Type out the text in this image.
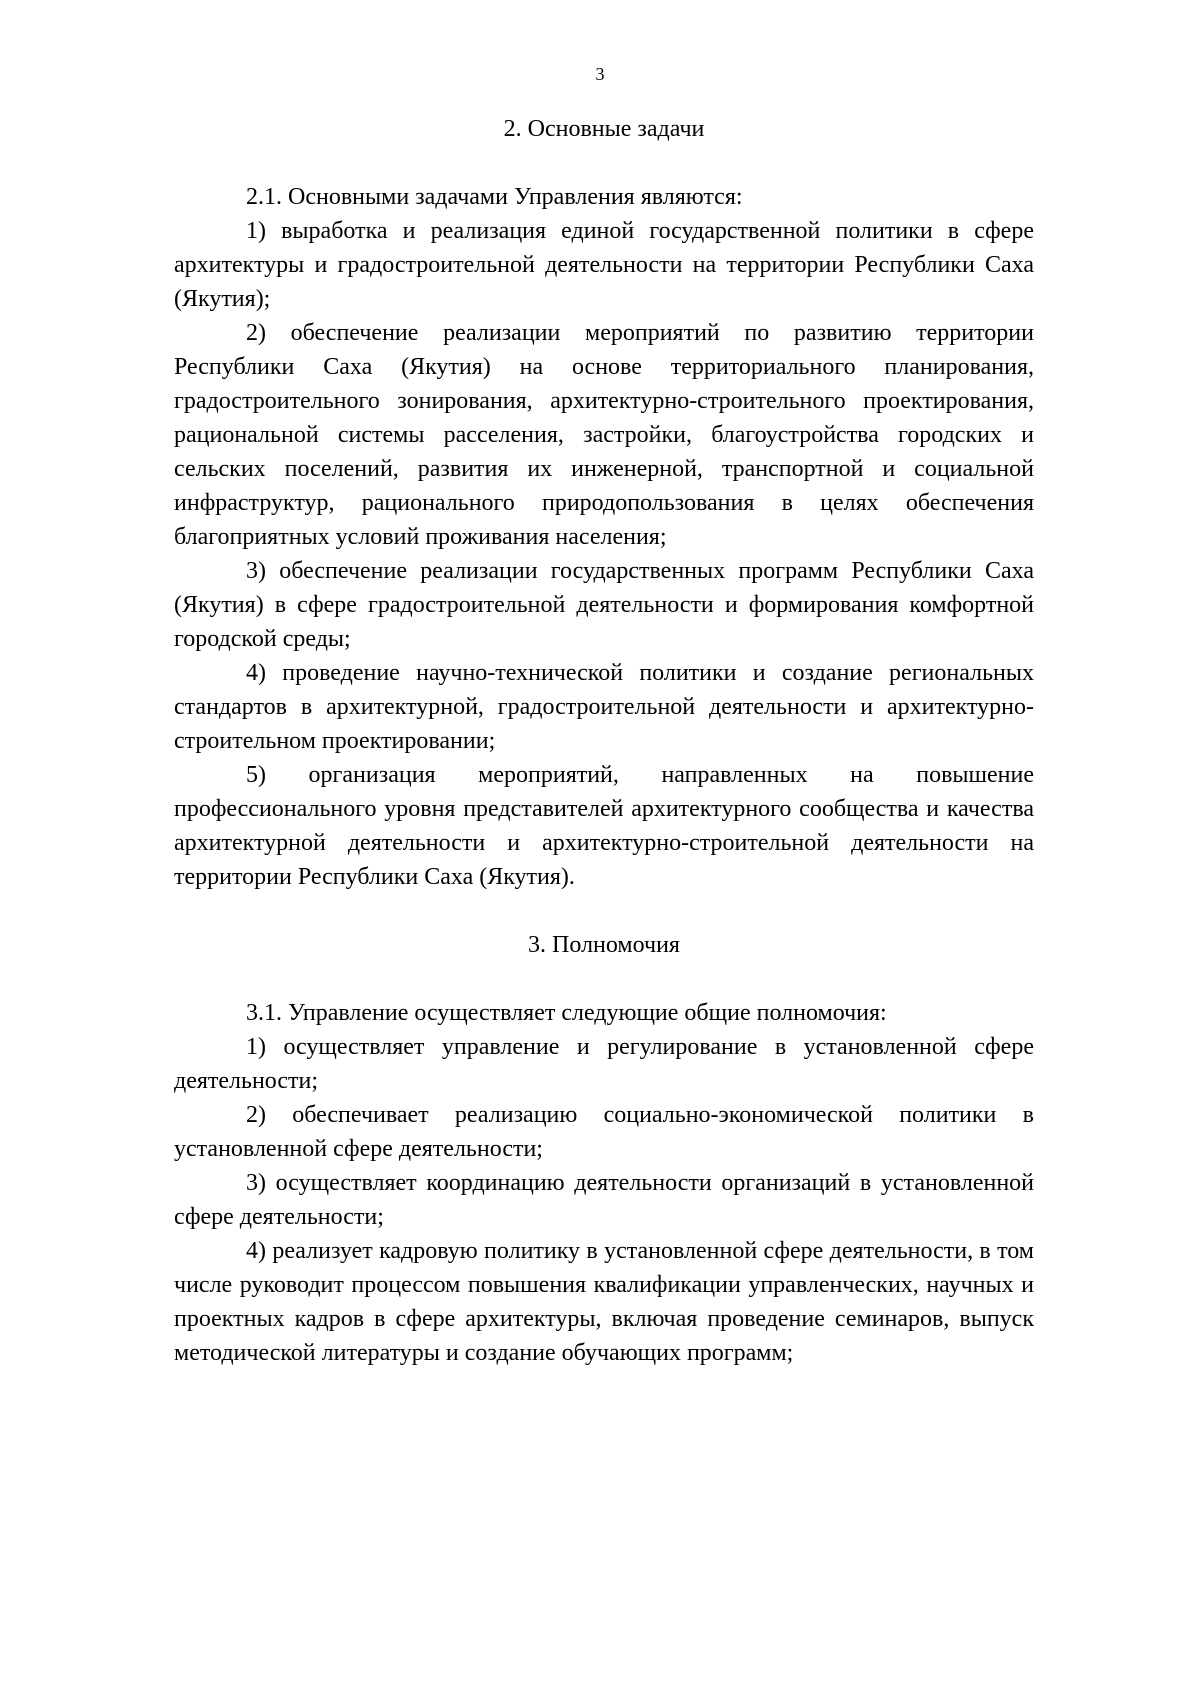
3
2. Основные задачи

2.1. Основными задачами Управления являются:

1) выработка и реализация единой государственной политики в сфере архитектуры и градостроительной деятельности на территории Республики Саха (Якутия);

2) обеспечение реализации мероприятий по развитию территории Республики Саха (Якутия) на основе территориального планирования, градостроительного зонирования, архитектурно-строительного проектирования, рациональной системы расселения, застройки, благоустройства городских и сельских поселений, развития их инженерной, транспортной и социальной инфраструктур, рационального природопользования в целях обеспечения благоприятных условий проживания населения;

3) обеспечение реализации государственных программ Республики Саха (Якутия) в сфере градостроительной деятельности и формирования комфортной городской среды;

4) проведение научно-технической политики и создание региональных стандартов в архитектурной, градостроительной деятельности и архитектурно-строительном проектировании;

5) организация мероприятий, направленных на повышение профессионального уровня представителей архитектурного сообщества и качества архитектурной деятельности и архитектурно-строительной деятельности на территории Республики Саха (Якутия).

3. Полномочия

3.1. Управление осуществляет следующие общие полномочия:

1) осуществляет управление и регулирование в установленной сфере деятельности;

2) обеспечивает реализацию социально-экономической политики в установленной сфере деятельности;

3) осуществляет координацию деятельности организаций в установленной сфере деятельности;

4) реализует кадровую политику в установленной сфере деятельности, в том числе руководит процессом повышения квалификации управленческих, научных и проектных кадров в сфере архитектуры, включая проведение семинаров, выпуск методической литературы и создание обучающих программ;
